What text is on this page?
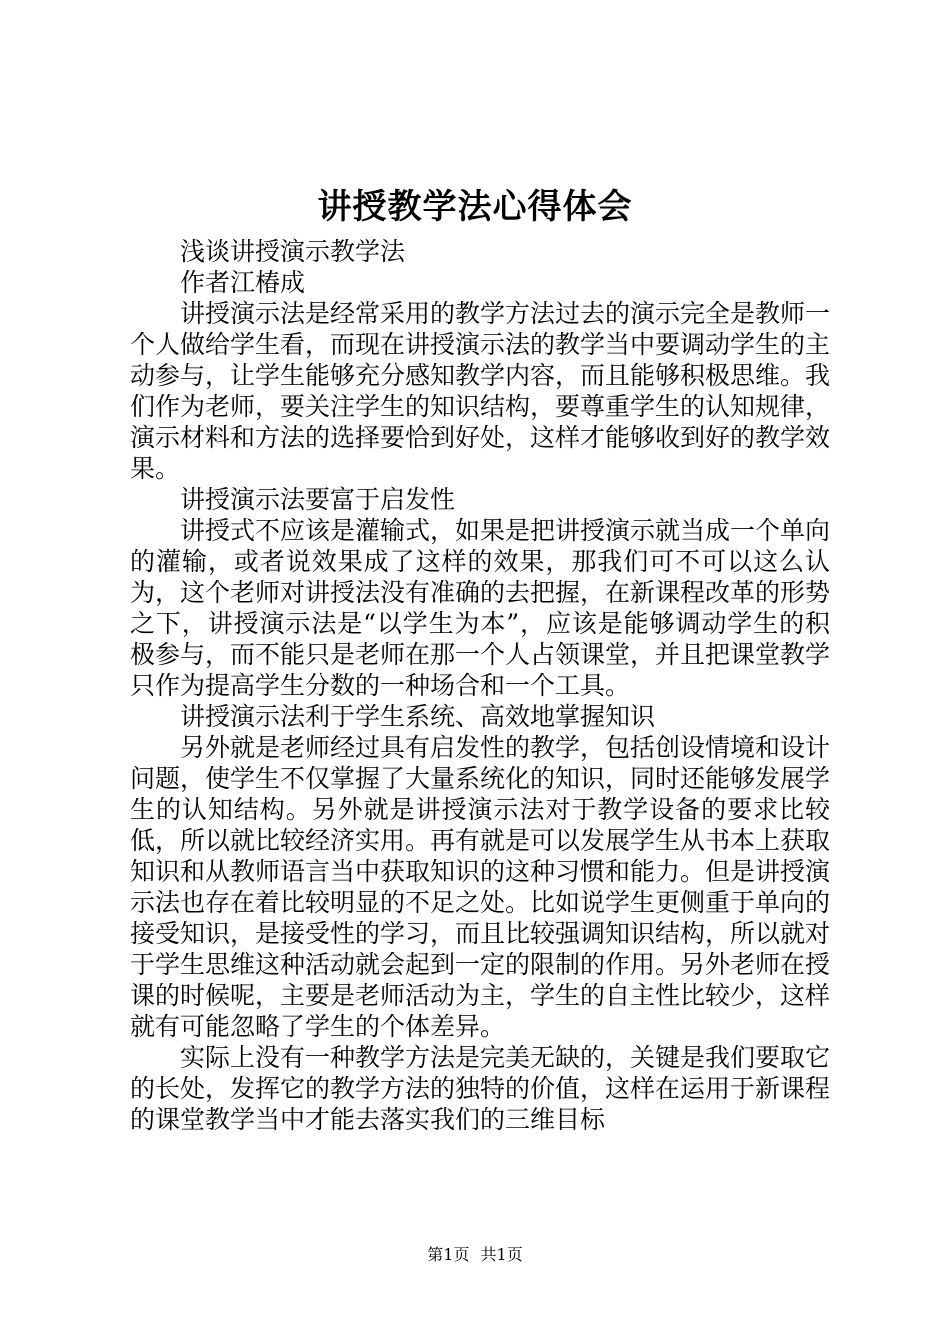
讲授教学法心得体会

浅谈讲授演示教学法

作者江椿成

讲授演示法是经常采用的教学方法过去的演示完全是教师一个人做给学生看，而现在讲授演示法的教学当中要调动学生的主动参与，让学生能够充分感知教学内容，而且能够积极思维。我们作为老师，要关注学生的知识结构，要尊重学生的认知规律，演示材料和方法的选择要恰到好处，这样才能够收到好的教学效果。

讲授演示法要富于启发性

讲授式不应该是灌输式，如果是把讲授演示就当成一个单向的灌输，或者说效果成了这样的效果，那我们可不可以这么认为，这个老师对讲授法没有准确的去把握，在新课程改革的形势之下，讲授演示法是“以学生为本”，应该是能够调动学生的积极参与，而不能只是老师在那一个人占领课堂，并且把课堂教学只作为提高学生分数的一种场合和一个工具。

讲授演示法利于学生系统、高效地掌握知识

另外就是老师经过具有启发性的教学，包括创设情境和设计问题，使学生不仅掌握了大量系统化的知识，同时还能够发展学生的认知结构。另外就是讲授演示法对于教学设备的要求比较低，所以就比较经济实用。再有就是可以发展学生从书本上获取知识和从教师语言当中获取知识的这种习惯和能力。但是讲授演示法也存在着比较明显的不足之处。比如说学生更侧重于单向的接受知识，是接受性的学习，而且比较强调知识结构，所以就对于学生思维这种活动就会起到一定的限制的作用。另外老师在授课的时候呢，主要是老师活动为主，学生的自主性比较少，这样就有可能忽略了学生的个体差异。

实际上没有一种教学方法是完美无缺的，关键是我们要取它的长处，发挥它的教学方法的独特的价值，这样在运用于新课程的课堂教学当中才能去落实我们的三维目标

第1页 共1页
